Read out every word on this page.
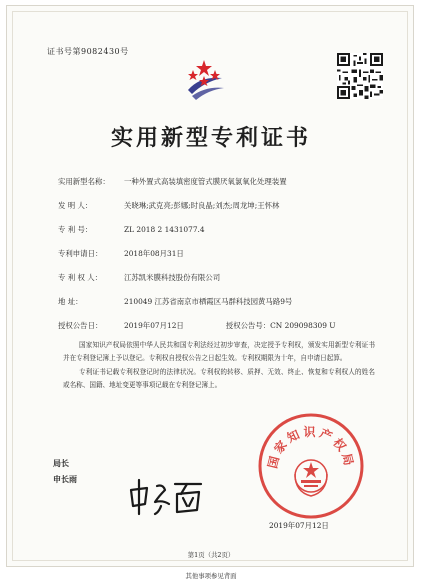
证书号第9082430号
实用新型专利证书
实用新型名称： 一种外置式高装填密度管式膜厌氧氯氧化处理装置
发 明 人：	关晓琳;武克亮;彭娜;时良晶;刘杰;周龙坤;王怀林
专 利 号：	ZL 2018 2 1431077.4
专利申请日：	2018年08月31日
专 利 权 人：	江苏凯米膜科技股份有限公司
地 址：	210049 江苏省南京市栖霞区马群科技园黄马路9号
授权公告日：	2019年07月12日	授权公告号：CN 209098309 U

国家知识产权局依照中华人民共和国专利法经过初步审查，决定授予专利权，颁发实用新型专利证书并在专利登记簿上予以登记。专利权自授权公告之日起生效。专利权期限为十年，自申请日起算。

专利证书记载专利权登记时的法律状况。专利权的转移、质押、无效、终止、恢复和专利权人的姓名或名称、国籍、地址变更等事项记载在专利登记簿上。

局长
申长雨
国家知识产权局
2019年07月12日
第1页（共2页）
其他事项参见背面
